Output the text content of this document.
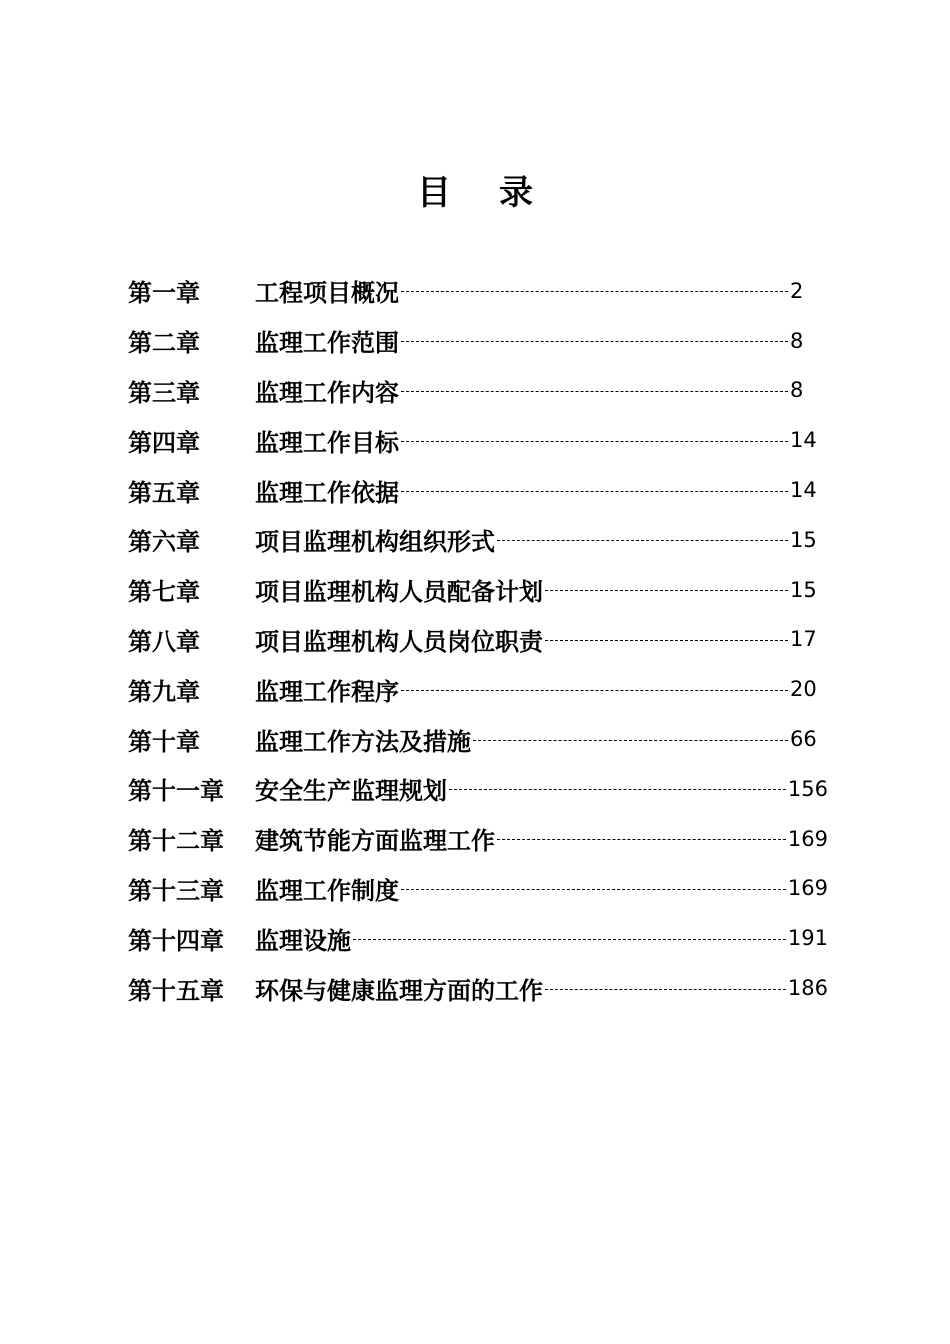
目 录
第一章	工程项目概况	2
第二章	监理工作范围	8
第三章	监理工作内容	8
第四章	监理工作目标	14
第五章	监理工作依据	14
第六章	项目监理机构组织形式	15
第七章	项目监理机构人员配备计划	15
第八章	项目监理机构人员岗位职责	17
第九章	监理工作程序	20
第十章	监理工作方法及措施	66
第十一章	安全生产监理规划	156
第十二章	建筑节能方面监理工作	169
第十三章	监理工作制度	169
第十四章	监理设施	191
第十五章	环保与健康监理方面的工作	186
